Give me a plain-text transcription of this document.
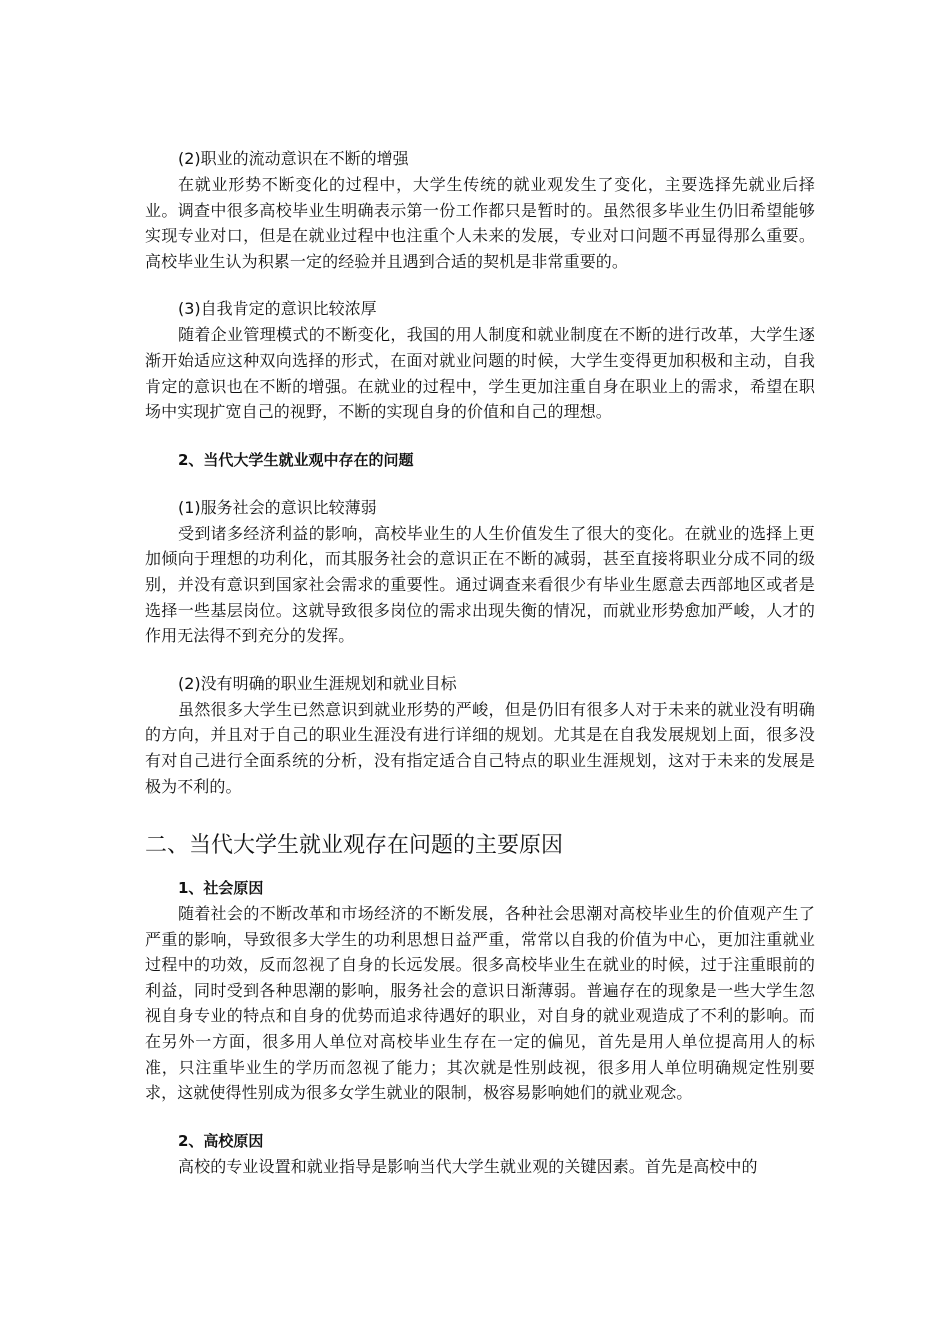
(2)职业的流动意识在不断的增强

在就业形势不断变化的过程中，大学生传统的就业观发生了变化，主要选择先就业后择业。调查中很多高校毕业生明确表示第一份工作都只是暂时的。虽然很多毕业生仍旧希望能够实现专业对口，但是在就业过程中也注重个人未来的发展，专业对口问题不再显得那么重要。高校毕业生认为积累一定的经验并且遇到合适的契机是非常重要的。

(3)自我肯定的意识比较浓厚

随着企业管理模式的不断变化，我国的用人制度和就业制度在不断的进行改革，大学生逐渐开始适应这种双向选择的形式，在面对就业问题的时候，大学生变得更加积极和主动，自我肯定的意识也在不断的增强。在就业的过程中，学生更加注重自身在职业上的需求，希望在职场中实现扩宽自己的视野，不断的实现自身的价值和自己的理想。

2、当代大学生就业观中存在的问题

(1)服务社会的意识比较薄弱

受到诸多经济利益的影响，高校毕业生的人生价值发生了很大的变化。在就业的选择上更加倾向于理想的功利化，而其服务社会的意识正在不断的减弱，甚至直接将职业分成不同的级别，并没有意识到国家社会需求的重要性。通过调查来看很少有毕业生愿意去西部地区或者是选择一些基层岗位。这就导致很多岗位的需求出现失衡的情况，而就业形势愈加严峻，人才的作用无法得不到充分的发挥。

(2)没有明确的职业生涯规划和就业目标

虽然很多大学生已然意识到就业形势的严峻，但是仍旧有很多人对于未来的就业没有明确的方向，并且对于自己的职业生涯没有进行详细的规划。尤其是在自我发展规划上面，很多没有对自己进行全面系统的分析，没有指定适合自己特点的职业生涯规划，这对于未来的发展是极为不利的。

二、当代大学生就业观存在问题的主要原因

1、社会原因

随着社会的不断改革和市场经济的不断发展，各种社会思潮对高校毕业生的价值观产生了严重的影响，导致很多大学生的功利思想日益严重，常常以自我的价值为中心，更加注重就业过程中的功效，反而忽视了自身的长远发展。很多高校毕业生在就业的时候，过于注重眼前的利益，同时受到各种思潮的影响，服务社会的意识日渐薄弱。普遍存在的现象是一些大学生忽视自身专业的特点和自身的优势而追求待遇好的职业，对自身的就业观造成了不利的影响。而在另外一方面，很多用人单位对高校毕业生存在一定的偏见，首先是用人单位提高用人的标准，只注重毕业生的学历而忽视了能力；其次就是性别歧视，很多用人单位明确规定性别要求，这就使得性别成为很多女学生就业的限制，极容易影响她们的就业观念。

2、高校原因

高校的专业设置和就业指导是影响当代大学生就业观的关键因素。首先是高校中的
